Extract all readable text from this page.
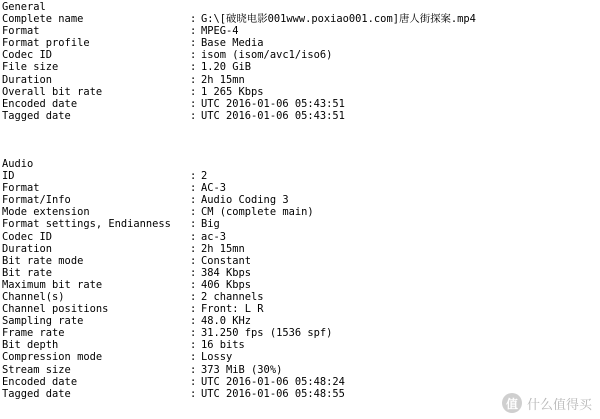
General
Complete name	: G:\[破晓电影001www.poxiao001.com]唐人街探案.mp4
Format	: MPEG-4
Format profile	: Base Media
Codec ID	: isom (isom/avc1/iso6)
File size	: 1.20 GiB
Duration	: 2h 15mn
Overall bit rate	: 1 265 Kbps
Encoded date	: UTC 2016-01-06 05:43:51
Tagged date	: UTC 2016-01-06 05:43:51
Audio
ID	: 2
Format	: AC-3
Format/Info	: Audio Coding 3
Mode extension	: CM (complete main)
Format settings, Endianness	: Big
Codec ID	: ac-3
Duration	: 2h 15mn
Bit rate mode	: Constant
Bit rate	: 384 Kbps
Maximum bit rate	: 406 Kbps
Channel(s)	: 2 channels
Channel positions	: Front: L R
Sampling rate	: 48.0 KHz
Frame rate	: 31.250 fps (1536 spf)
Bit depth	: 16 bits
Compression mode	: Lossy
Stream size	: 373 MiB (30%)
Encoded date	: UTC 2016-01-06 05:48:24
Tagged date	: UTC 2016-01-06 05:48:55
值 什么值得买
